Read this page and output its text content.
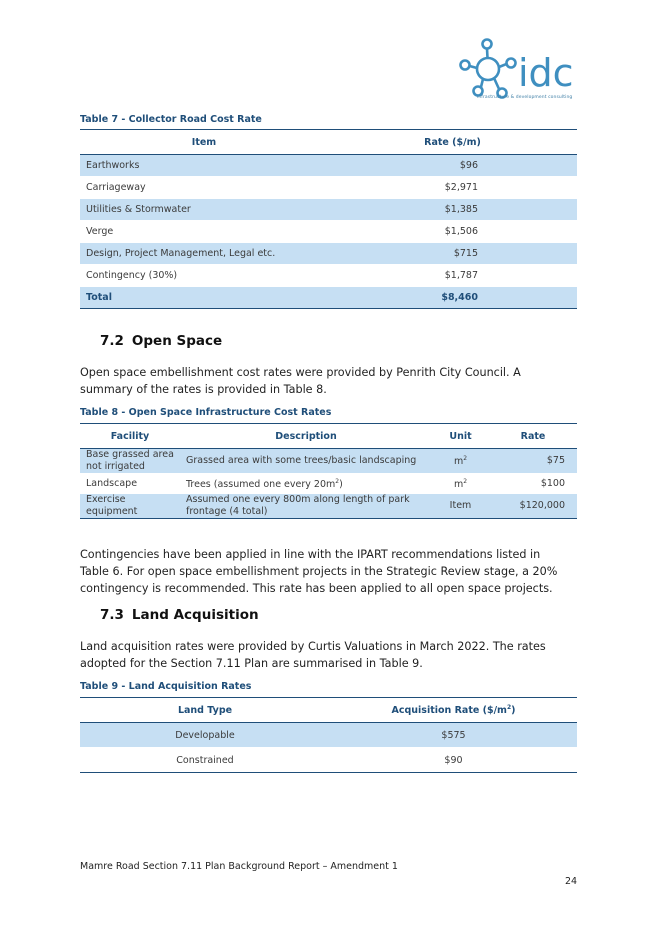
idc
infrastructure & development consulting
Table 7 - Collector Road Cost Rate
Item	Rate ($/m)
Earthworks	$96
Carriageway	$2,971
Utilities & Stormwater	$1,385
Verge	$1,506
Design, Project Management, Legal etc.	$715
Contingency (30%)	$1,787
Total	$8,460
7.2 Open Space

Open space embellishment cost rates were provided by Penrith City Council. A summary of the rates is provided in Table 8.

Table 8 - Open Space Infrastructure Cost Rates
Facility	Description	Unit	Rate
Base grassed area not irrigated	Grassed area with some trees/basic landscaping	$m^2$	$75
Landscape	Trees (assumed one every $20m^2$)	$m^2$	$100
Exercise equipment	Assumed one every 800m along length of park frontage (4 total)	Item	$120,000

Contingencies have been applied in line with the IPART recommendations listed in Table 6. For open space embellishment projects in the Strategic Review stage, a 20% contingency is recommended. This rate has been applied to all open space projects.

7.3 Land Acquisition

Land acquisition rates were provided by Curtis Valuations in March 2022. The rates adopted for the Section 7.11 Plan are summarised in Table 9.

Table 9 - Land Acquisition Rates
Land Type	Acquisition Rate $(\$/m^2)$
Developable	$575
Constrained	$90
Mamre Road Section 7.11 Plan Background Report – Amendment 1
24
